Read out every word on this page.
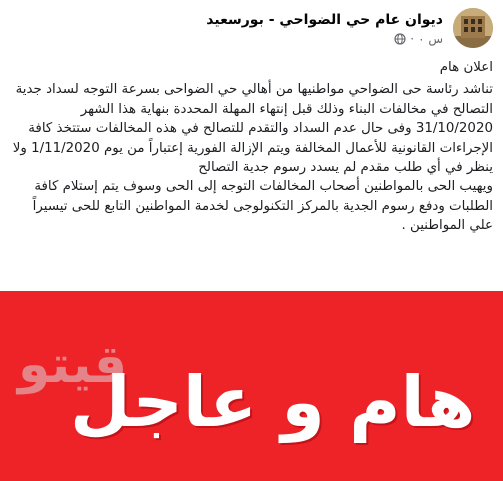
ديوان عام حي الضواحي - بورسعيد
س ٠
·

اعلان هام

تناشد رئاسة حى الضواحي مواطنيها من أهالي حي الضواحى بسرعة التوجه لسداد جدية التصالح في مخالفات البناء وذلك قبل إنتهاء المهلة المحددة بنهاية هذا الشهر 31/10/2020 وفى حال عدم السداد والتقدم للتصالح في هذه المخالفات ستتخذ كافة الإجراءات القانونية للأعمال المخالفة ويتم الإزالة الفورية إعتباراً من يوم 1/11/2020 ولا ينظر في أي طلب مقدم لم يسدد رسوم جدية التصالح

ويهيب الحى بالمواطنين أصحاب المخالفات التوجه إلى الحى وسوف يتم إستلام كافة الطلبات ودفع رسوم الجدية بالمركز التكنولوجى لخدمة المواطنين التابع للحى تيسيراً علي المواطنين .

قيتو
هام و عاجل
